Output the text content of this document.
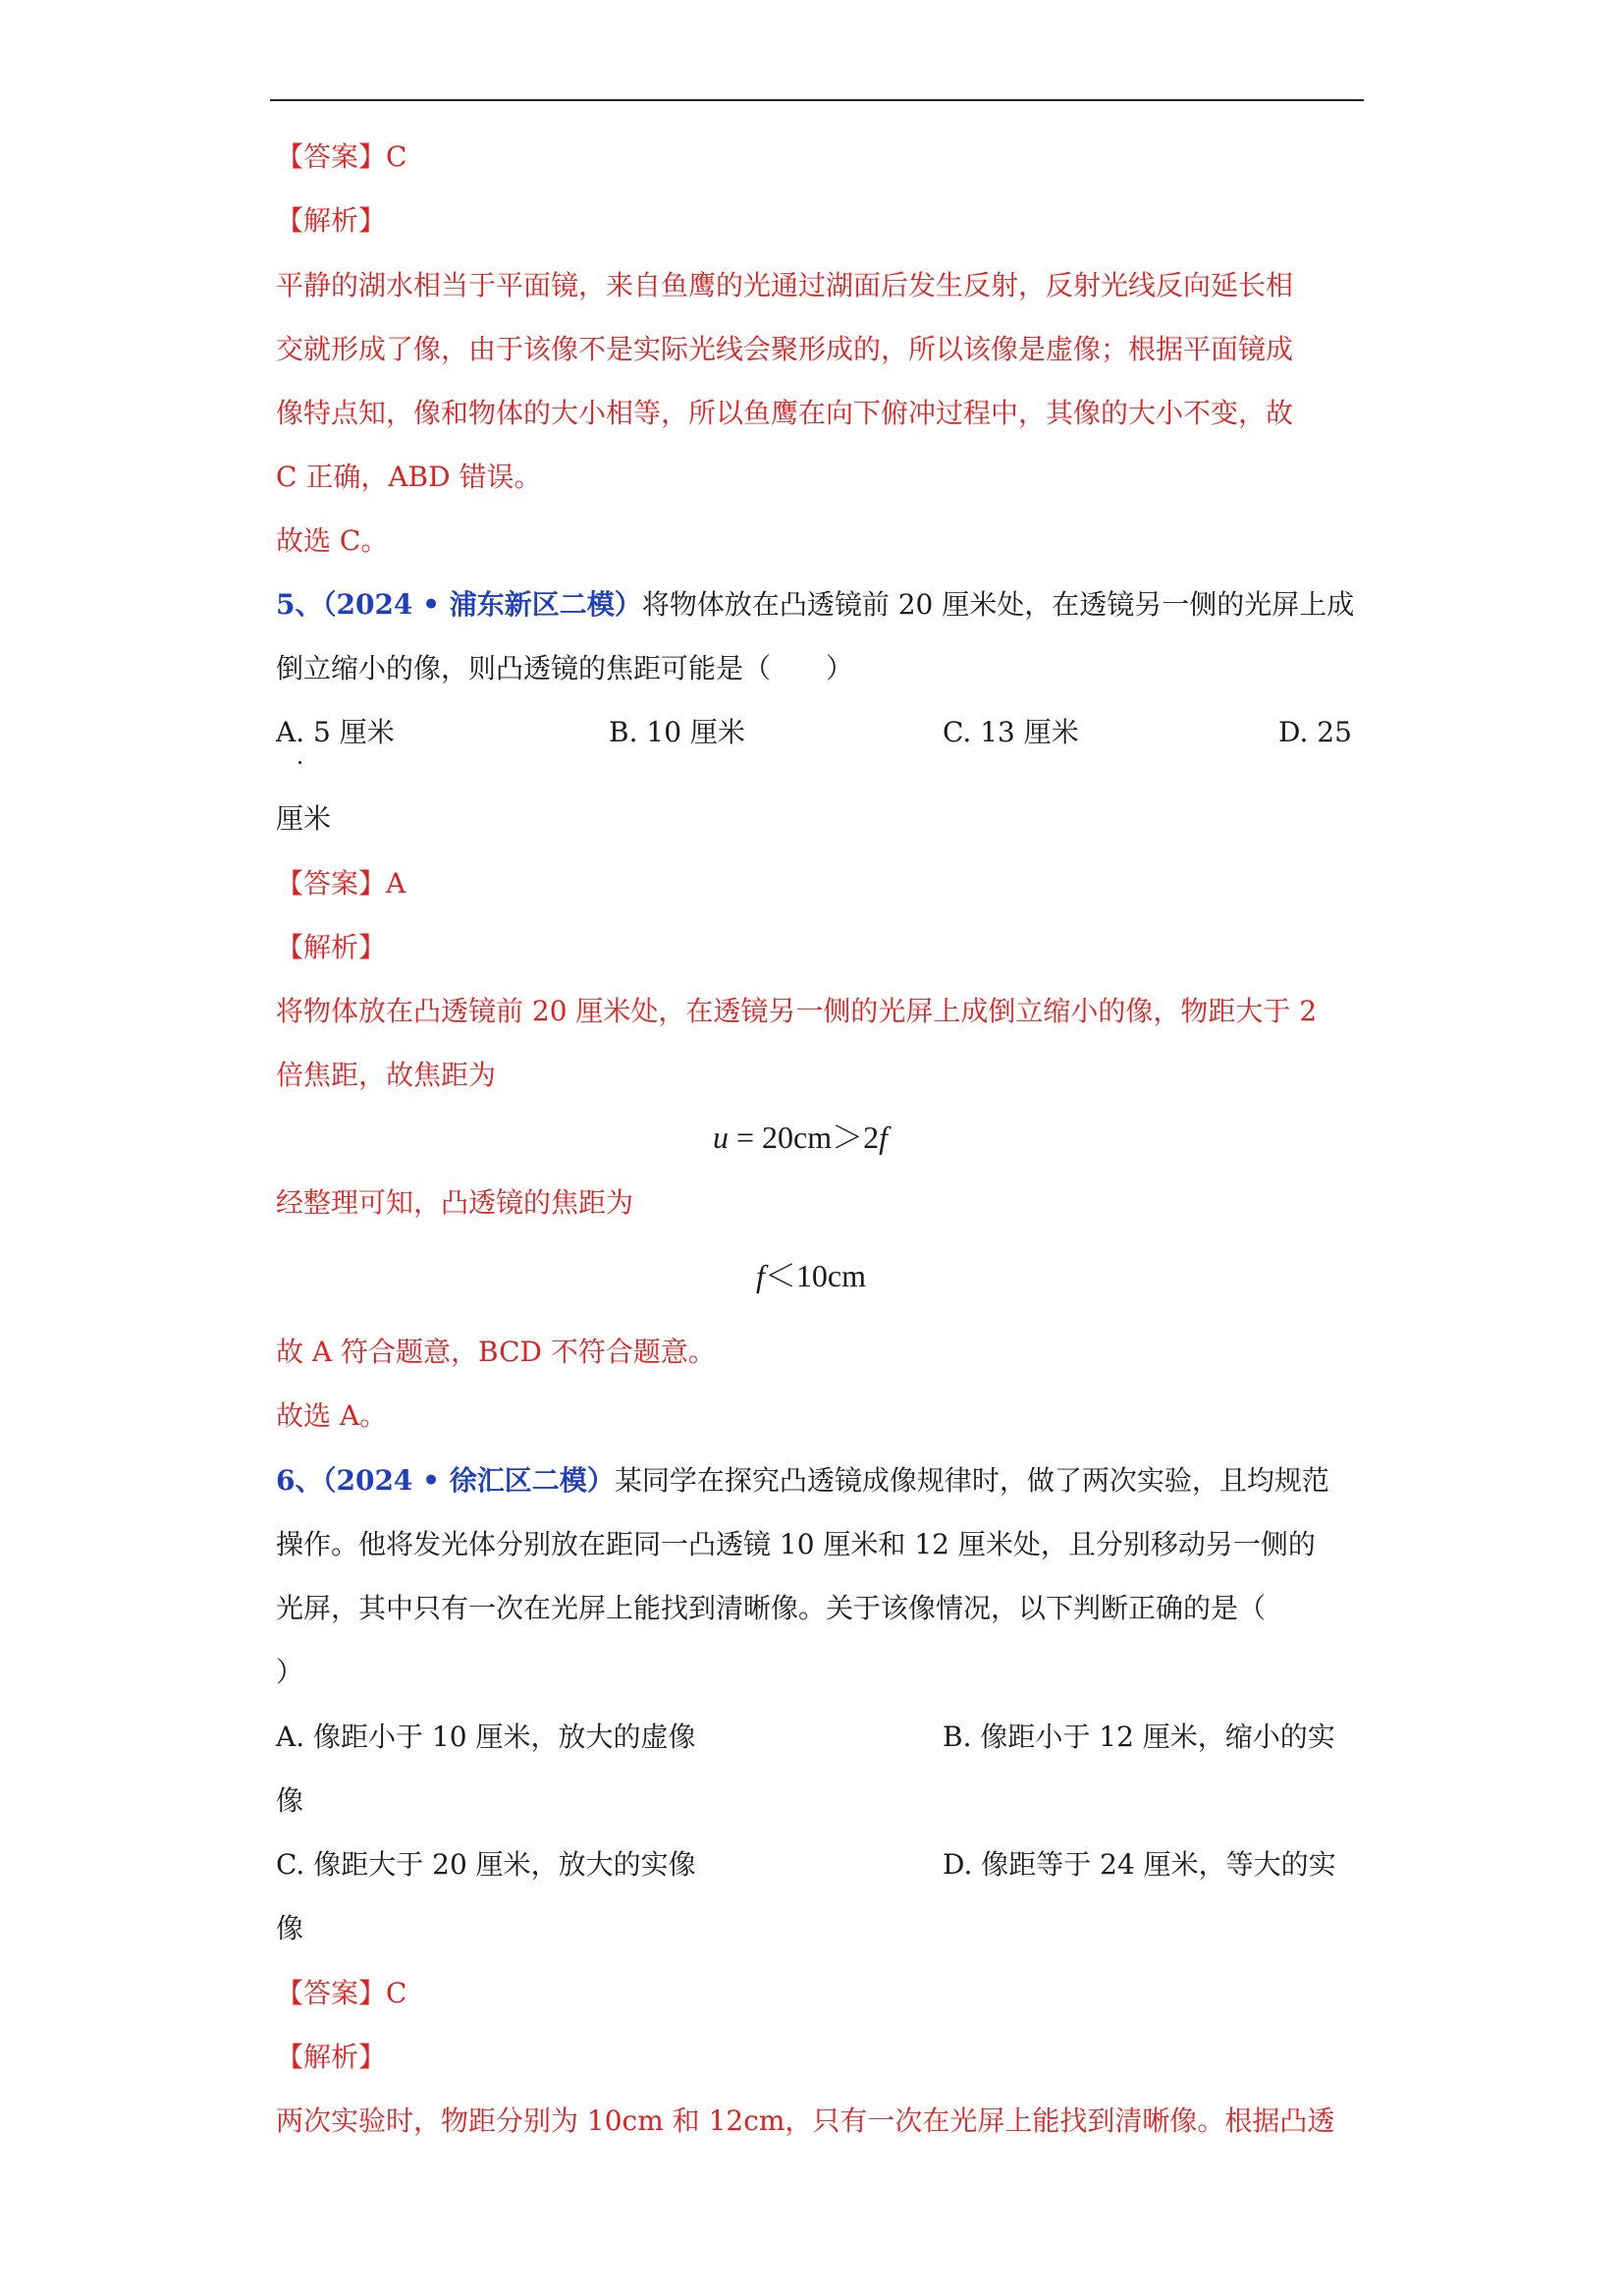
【答案】C
【解析】
平静的湖水相当于平面镜，来自鱼鹰的光通过湖面后发生反射，反射光线反向延长相
交就形成了像，由于该像不是实际光线会聚形成的，所以该像是虚像；根据平面镜成
像特点知，像和物体的大小相等，所以鱼鹰在向下俯冲过程中，其像的大小不变，故
C 正确，ABD 错误。
故选 C。
5、（2024 • 浦东新区二模）将物体放在凸透镜前 20 厘米处，在透镜另一侧的光屏上成
倒立缩小的像，则凸透镜的焦距可能是（　　）
A. 5 厘米	B. 10 厘米	C. 13 厘米	D. 25
厘米
【答案】A
【解析】
将物体放在凸透镜前 20 厘米处，在透镜另一侧的光屏上成倒立缩小的像，物距大于 2
倍焦距，故焦距为
u = 20cm＞2f
经整理可知，凸透镜的焦距为
f＜10cm
故 A 符合题意，BCD 不符合题意。
故选 A。
6、（2024 • 徐汇区二模）某同学在探究凸透镜成像规律时，做了两次实验，且均规范
操作。他将发光体分别放在距同一凸透镜 10 厘米和 12 厘米处，且分别移动另一侧的
光屏，其中只有一次在光屏上能找到清晰像。关于该像情况，以下判断正确的是（
）
A. 像距小于 10 厘米，放大的虚像	B. 像距小于 12 厘米，缩小的实
像
C. 像距大于 20 厘米，放大的实像	D. 像距等于 24 厘米，等大的实
像
【答案】C
【解析】
两次实验时，物距分别为 10cm 和 12cm，只有一次在光屏上能找到清晰像。根据凸透
